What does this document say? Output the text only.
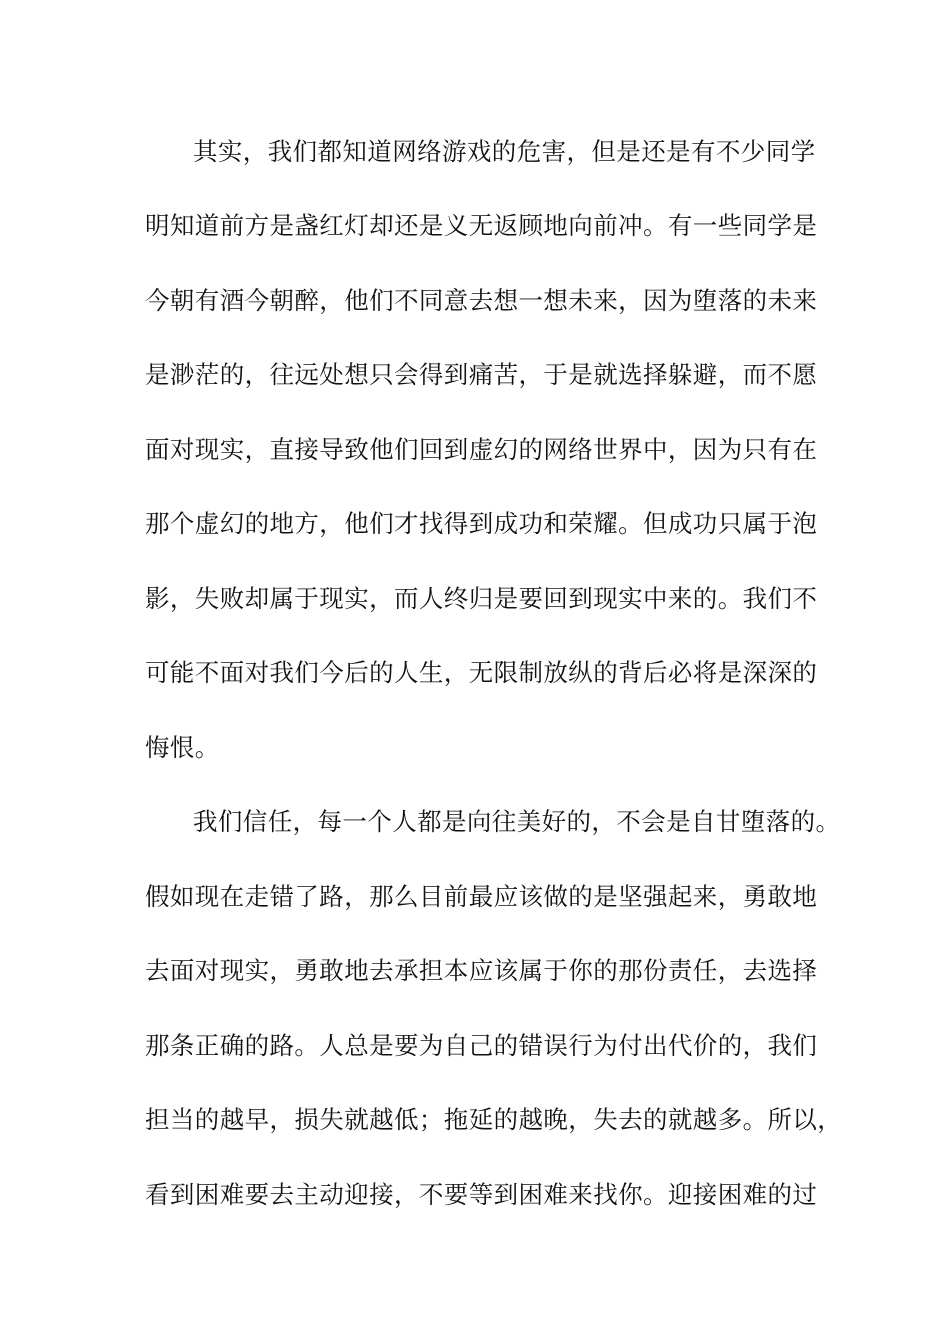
其实，我们都知道网络游戏的危害，但是还是有不少同学
明知道前方是盏红灯却还是义无返顾地向前冲。有一些同学是
今朝有酒今朝醉，他们不同意去想一想未来，因为堕落的未来
是渺茫的，往远处想只会得到痛苦，于是就选择躲避，而不愿
面对现实，直接导致他们回到虚幻的网络世界中，因为只有在
那个虚幻的地方，他们才找得到成功和荣耀。但成功只属于泡
影，失败却属于现实，而人终归是要回到现实中来的。我们不
可能不面对我们今后的人生，无限制放纵的背后必将是深深的
悔恨。
我们信任，每一个人都是向往美好的，不会是自甘堕落的。
假如现在走错了路，那么目前最应该做的是坚强起来，勇敢地
去面对现实，勇敢地去承担本应该属于你的那份责任，去选择
那条正确的路。人总是要为自己的错误行为付出代价的，我们
担当的越早，损失就越低；拖延的越晚，失去的就越多。所以，
看到困难要去主动迎接，不要等到困难来找你。迎接困难的过
